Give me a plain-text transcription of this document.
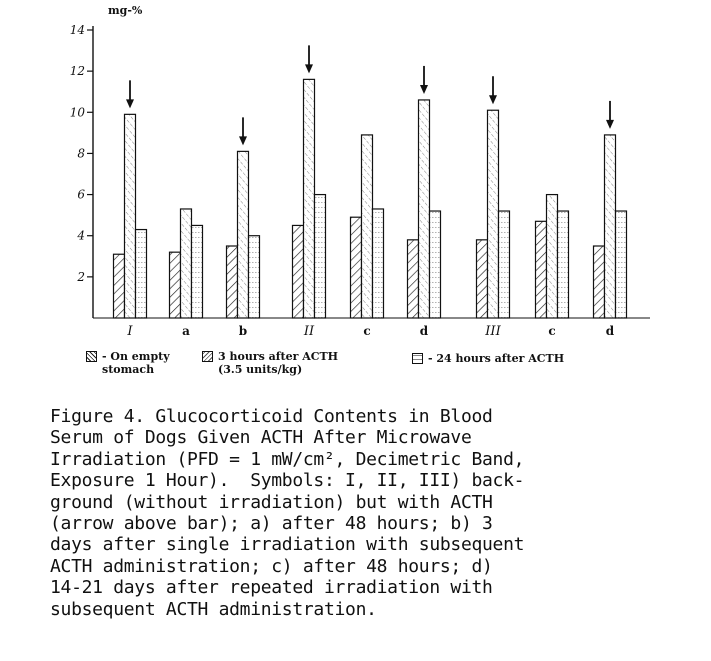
2
4
6
8
10
12
14
I	a	b	II	c	d	III	c	d
mg-%
- On empty
stomach
3 hours after ACTH
(3.5 units/kg)
- 24 hours after ACTH
Figure 4. Glucocorticoid Contents in Blood
Serum of Dogs Given ACTH After Microwave
Irradiation (PFD = 1 mW/cm², Decimetric Band,
Exposure 1 Hour).  Symbols: I, II, III) back-
ground (without irradiation) but with ACTH
(arrow above bar); a) after 48 hours; b) 3
days after single irradiation with subsequent
ACTH administration; c) after 48 hours; d)
14-21 days after repeated irradiation with
subsequent ACTH administration.
